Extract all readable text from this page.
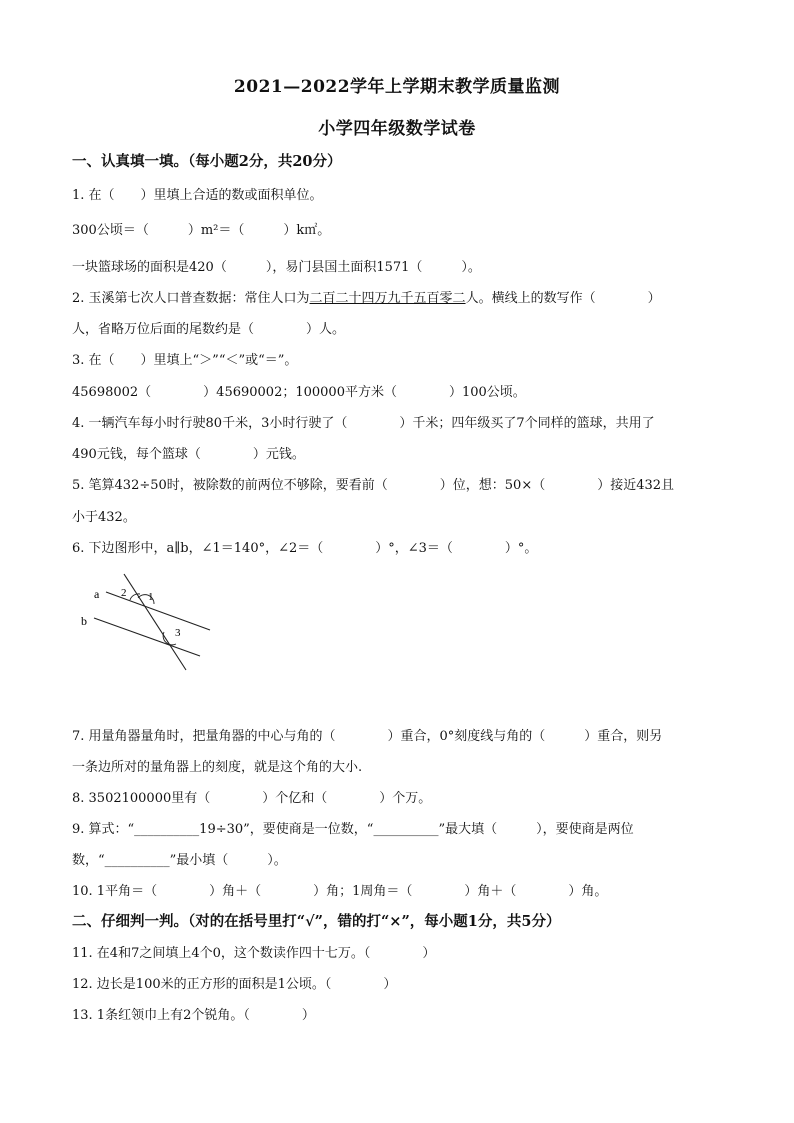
2021—2022学年上学期末教学质量监测
小学四年级数学试卷
一、认真填一填。（每小题2分，共20分）
1. 在（　　）里填上合适的数或面积单位。
300公顷＝（　　　）m²＝（　　　）k㎡。
一块篮球场的面积是420（　　　），易门县国土面积1571（　　　）。
2. 玉溪第七次人口普查数据：常住人口为二百二十四万九千五百零二人。横线上的数写作（　　　　）
人，省略万位后面的尾数约是（　　　　）人。
3. 在（　　）里填上“＞”“＜”或“＝”。
45698002（　　　　）45690002；100000平方米（　　　　）100公顷。
4. 一辆汽车每小时行驶80千米，3小时行驶了（　　　　）千米；四年级买了7个同样的篮球，共用了
490元钱，每个篮球（　　　　）元钱。
5. 笔算432÷50时，被除数的前两位不够除，要看前（　　　　）位，想：50×（　　　　）接近432且
小于432。
6. 下边图形中，a∥b，∠1＝140°，∠2＝（　　　　）°，∠3＝（　　　　）°。
a
b
2 1
3
7. 用量角器量角时，把量角器的中心与角的（　　　　）重合，0°刻度线与角的（　　　）重合，则另
一条边所对的量角器上的刻度，就是这个角的大小.
8. 3502100000里有（　　　　）个亿和（　　　　）个万。
9. 算式：“__________19÷30”，要使商是一位数，“__________”最大填（　　　），要使商是两位
数，“__________”最小填（　　　）。
10. 1平角＝（　　　　）角＋（　　　　）角；1周角＝（　　　　）角＋（　　　　）角。
二、仔细判一判。（对的在括号里打“√”，错的打“×”，每小题1分，共5分）
11. 在4和7之间填上4个0，这个数读作四十七万。（　　　　）
12. 边长是100米的正方形的面积是1公顷。（　　　　）
13. 1条红领巾上有2个锐角。（　　　　）
